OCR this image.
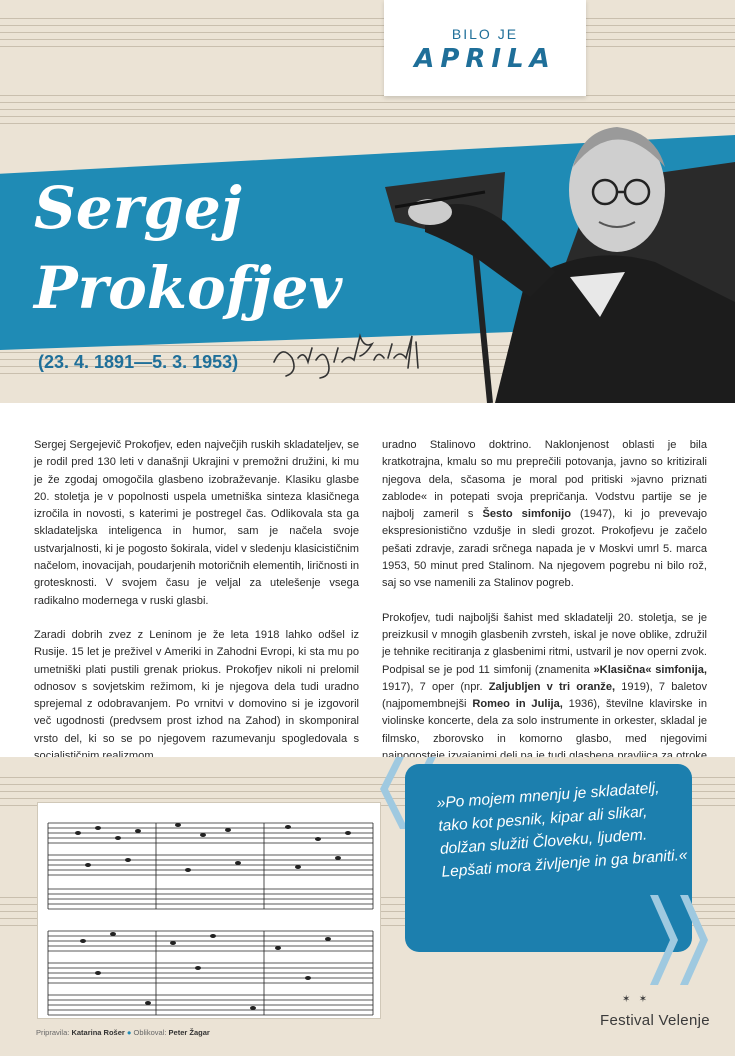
BILO JE
APRILA
Sergej
Prokofjev
(23. 4. 1891—5. 3. 1953)

Sergej Sergejevič Prokofjev, eden največjih ruskih skladateljev, se je rodil pred 130 leti v današnji Ukrajini v premožni družini, ki mu je že zgodaj omogočila glasbeno izobraževanje. Klasiku glasbe 20. stoletja je v popolnosti uspela umetniška sinteza klasičnega izročila in novosti, s katerimi je postregel čas. Odlikovala sta ga skladateljska inteligenca in humor, sam je načela svoje ustvarjalnosti, ki je pogosto šokirala, videl v sledenju klasicističnim načelom, inovacijah, poudarjenih motoričnih elementih, liričnosti in grotesknosti. V svojem času je veljal za utelešenje vsega radikalno modernega v ruski glasbi.

Zaradi dobrih zvez z Leninom je že leta 1918 lahko odšel iz Rusije. 15 let je preživel v Ameriki in Zahodni Evropi, ki sta mu po umetniški plati pustili grenak priokus. Prokofjev nikoli ni prelomil odnosov s sovjetskim režimom, ki je njegova dela tudi uradno sprejemal z odobravanjem. Po vrnitvi v domovino si je izgovoril več ugodnosti (predvsem prost izhod na Zahod) in skomponiral vrsto del, ki so se po njegovem razumevanju spogledovala s

uradno Stalinovo doktrino. Naklonjenost oblasti je bila kratkotrajna, kmalu so mu preprečili potovanja, javno so kritizirali njegova dela, sčasoma je moral pod pritiski »javno priznati zablode« in potepati svoja prepričanja. Vodstvu partije se je najbolj zameril s Šesto simfonijo (1947), ki jo prevevajo ekspresionistično vzdušje in sledi grozot. Prokofjevu je začelo pešati zdravje, zaradi srčnega napada je v Moskvi umrl 5. marca 1953, 50 minut pred Stalinom. Na njegovem pogrebu ni bilo rož, saj so vse namenili za Stalinov pogreb.

Prokofjev, tudi najboljši šahist med skladatelji 20. stoletja, se je preizkusil v mnogih glasbenih zvrsteh, iskal je nove oblike, združil je tehnike recitiranja z glasbenimi ritmi, ustvaril je nov operni zvok. Podpisal se je pod 11 simfonij (znamenita »Klasična« simfonija, 1917), 7 oper (npr. Zaljubljen v tri oranže, 1919), 7 baletov (najpomembnejši Romeo in Julija, 1936), številne klavirske in violinske koncerte, dela za solo instrumente in orkester, skladal je filmsko, zborovsko in komorno glasbo, med njegovimi

»Po mojem mnenju je skladatelj, tako kot pesnik, kipar ali slikar, dolžan služiti Človeku, ljudem. Lepšati mora življenje in ga braniti.«
✶   ✶
Festival Velenje
Pripravila: Katarina Rošer ● Oblikoval: Peter Žagar
